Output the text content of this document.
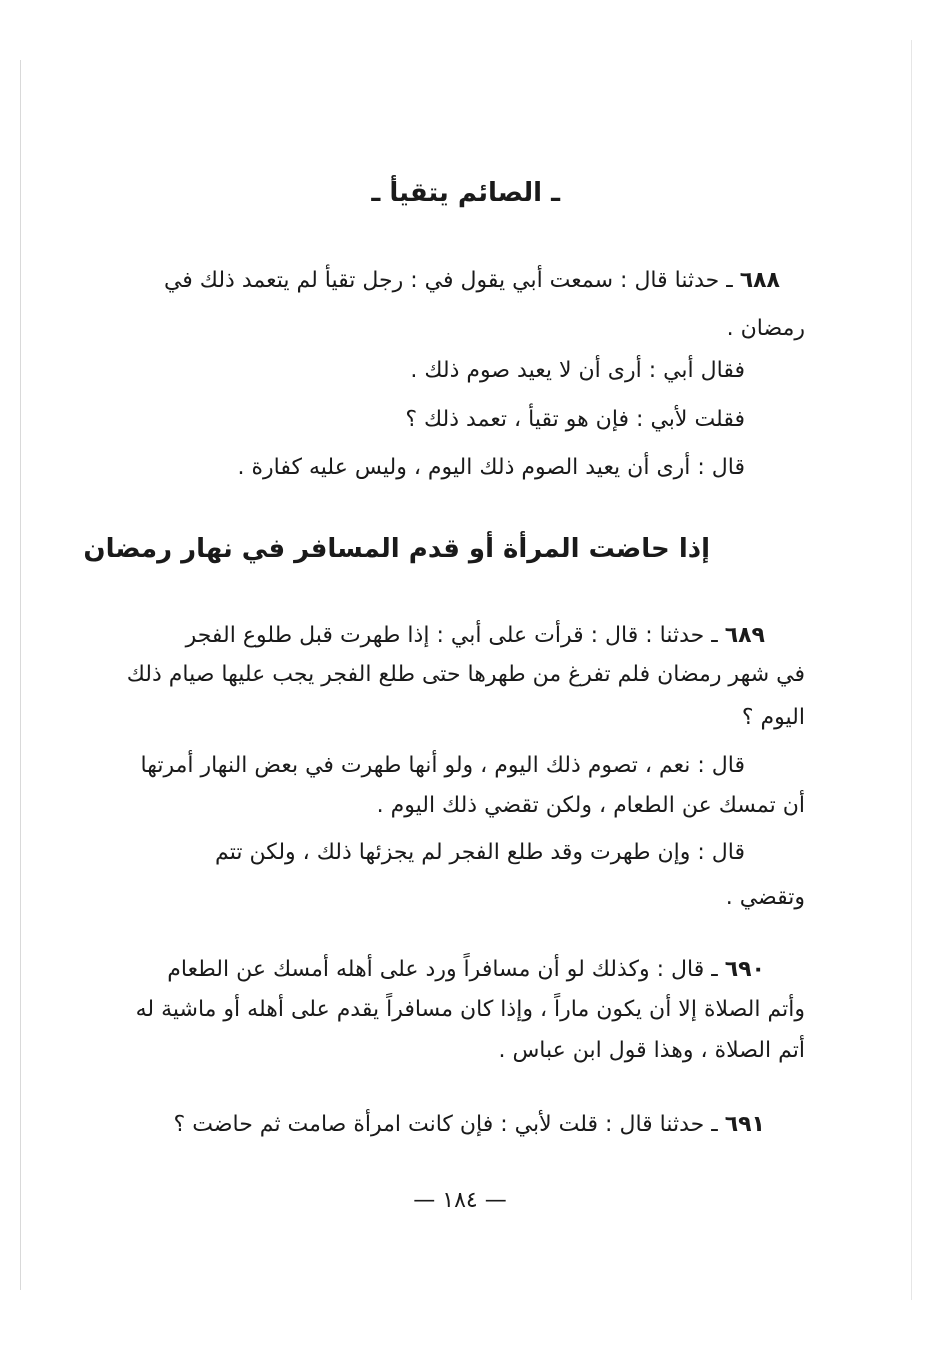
ـ الصائم يتقيأ ـ
٦٨٨ ـ حدثنا قال : سمعت أبي يقول في : رجل تقيأ لم يتعمد ذلك في
رمضان .
فقال أبي : أرى أن لا يعيد صوم ذلك .
فقلت لأبي : فإن هو تقيأ ، تعمد ذلك ؟
قال : أرى أن يعيد الصوم ذلك اليوم ، وليس عليه كفارة .
إذا حاضت المرأة أو قدم المسافر في نهار رمضان
٦٨٩ ـ حدثنا : قال : قرأت على أبي : إذا طهرت قبل طلوع الفجر
في شهر رمضان فلم تفرغ من طهرها حتى طلع الفجر يجب عليها صيام ذلك
اليوم ؟
قال : نعم ، تصوم ذلك اليوم ، ولو أنها طهرت في بعض النهار أمرتها
أن تمسك عن الطعام ، ولكن تقضي ذلك اليوم .
قال : وإن طهرت وقد طلع الفجر لم يجزئها ذلك ، ولكن تتم
وتقضي .
٦٩٠ ـ قال : وكذلك لو أن مسافراً ورد على أهله أمسك عن الطعام
وأتم الصلاة إلا أن يكون ماراً ، وإذا كان مسافراً يقدم على أهله أو ماشية له
أتم الصلاة ، وهذا قول ابن عباس .
٦٩١ ـ حدثنا قال : قلت لأبي : فإن كانت امرأة صامت ثم حاضت ؟
— ١٨٤ —
